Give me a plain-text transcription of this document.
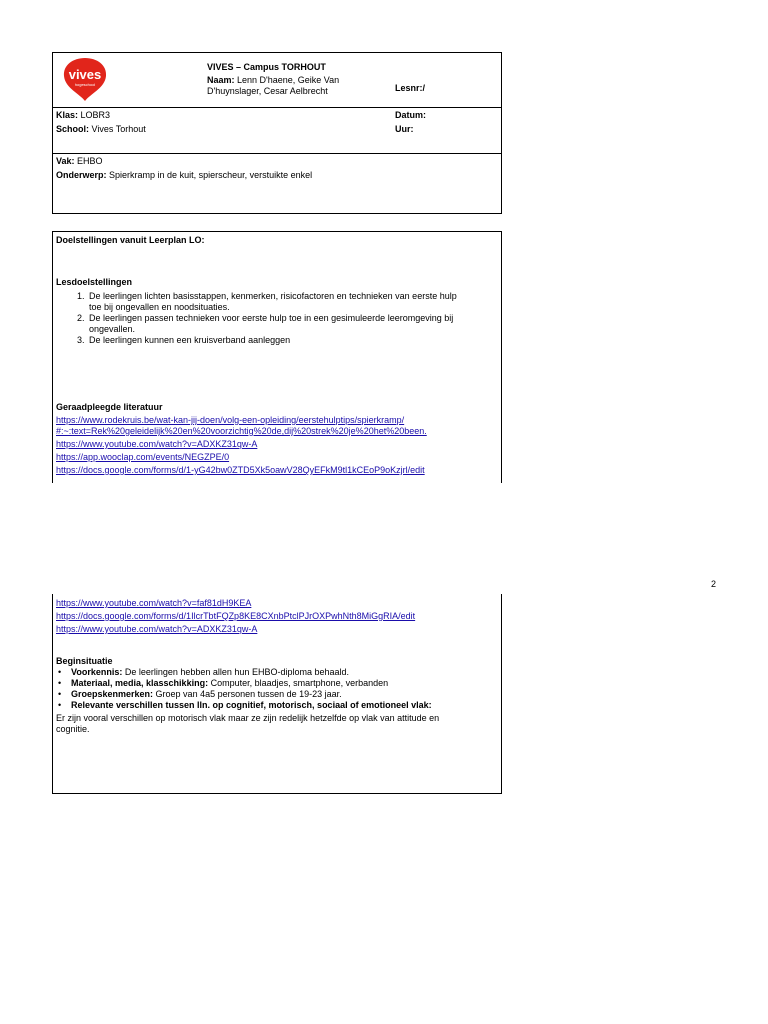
vives
hogeschool
VIVES – Campus TORHOUT
Naam: Lenn D'haene, Geike Van
D'huynslager, Cesar Aelbrecht	Lesnr:/
Klas: LOBR3
School: Vives Torhout
Datum:
Uur:
Vak: EHBO
Onderwerp: Spierkramp in de kuit, spierscheur, verstuikte enkel
Doelstellingen vanuit Leerplan LO:
Lesdoelstellingen
1. De leerlingen lichten basisstappen, kenmerken, risicofactoren en technieken van eerste hulp
toe bij ongevallen en noodsituaties.
2. De leerlingen passen technieken voor eerste hulp toe in een gesimuleerde leeromgeving bij
ongevallen.
3. De leerlingen kunnen een kruisverband aanleggen
Geraadpleegde literatuur
https://www.rodekruis.be/wat-kan-jij-doen/volg-een-opleiding/eerstehulptips/spierkramp/
#:~:text=Rek%20geleidelijk%20en%20voorzichtig%20de,dij%20strek%20je%20het%20been.
https://www.youtube.com/watch?v=ADXKZ31qw-A
https://app.wooclap.com/events/NEGZPE/0
https://docs.google.com/forms/d/1-yG42bw0ZTD5Xk5oawV28QyEFkM9tl1kCEoP9oKzjrl/edit
2
https://www.youtube.com/watch?v=faf81dH9KEA
https://docs.google.com/forms/d/1IlcrTbtFQZp8KE8CXnbPtclPJrOXPwhNth8MiGgRIA/edit
https://www.youtube.com/watch?v=ADXKZ31qw-A
Beginsituatie
• Voorkennis: De leerlingen hebben allen hun EHBO-diploma behaald.
• Materiaal, media, klasschikking: Computer, blaadjes, smartphone, verbanden
• Groepskenmerken: Groep van 4a5 personen tussen de 19-23 jaar.
• Relevante verschillen tussen lln. op cognitief, motorisch, sociaal of emotioneel vlak:
Er zijn vooral verschillen op motorisch vlak maar ze zijn redelijk hetzelfde op vlak van attitude en
cognitie.
